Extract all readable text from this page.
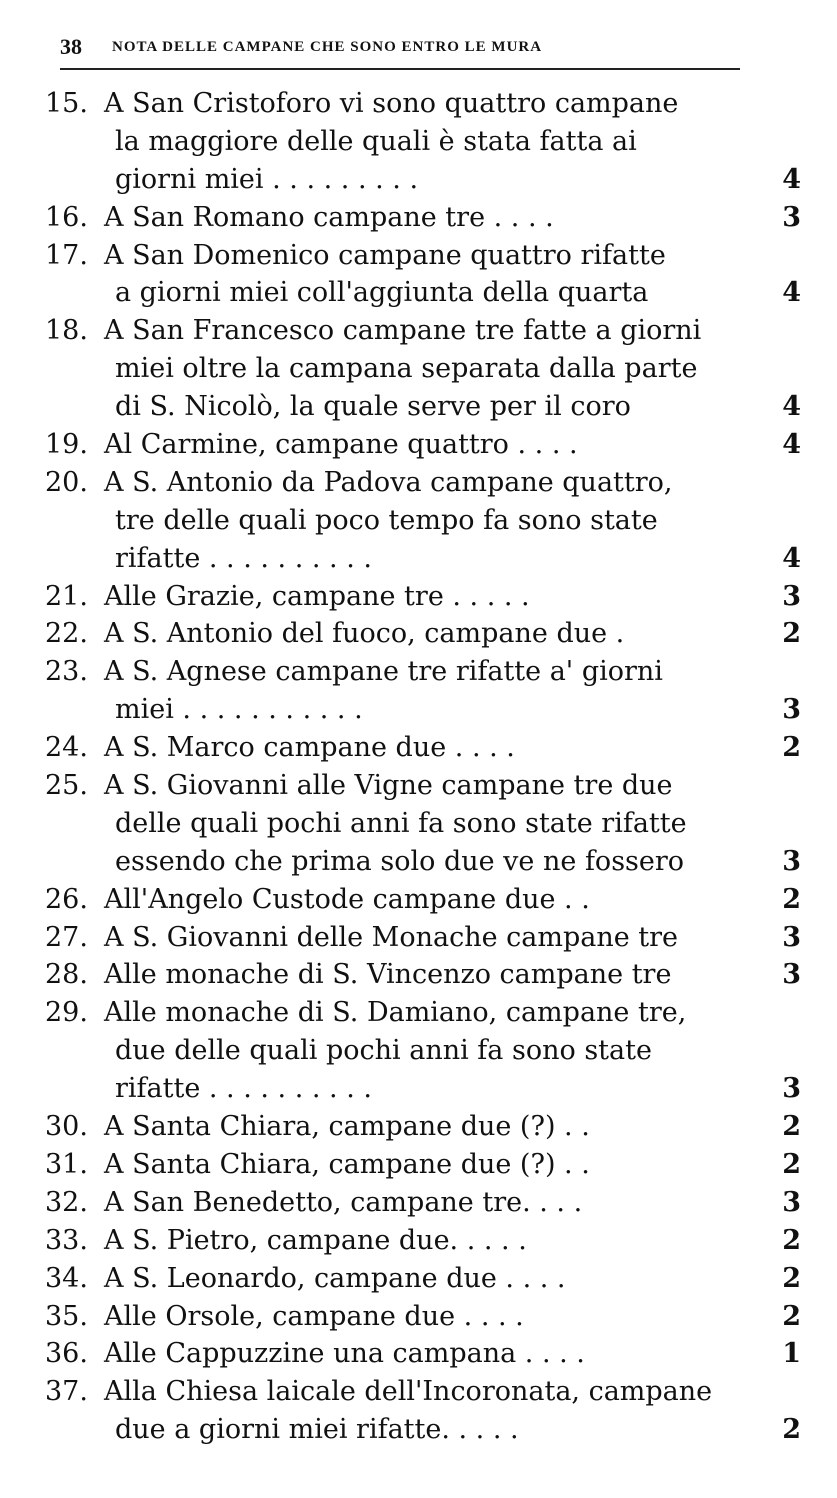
38 NOTA DELLE CAMPANE CHE SONO ENTRO LE MURA
15. A San Cristoforo vi sono quattro campane
la maggiore delle quali è stata fatta ai
giorni miei . . . . . . . . .	4
16. A San Romano campane tre . . . .	3
17. A San Domenico campane quattro rifatte
a giorni miei coll'aggiunta della quarta	4
18. A San Francesco campane tre fatte a giorni
miei oltre la campana separata dalla parte
di S. Nicolò, la quale serve per il coro	4
19. Al Carmine, campane quattro . . . .	4
20. A S. Antonio da Padova campane quattro,
tre delle quali poco tempo fa sono state
rifatte . . . . . . . . . .	4
21. Alle Grazie, campane tre . . . . .	3
22. A S. Antonio del fuoco, campane due .	2
23. A S. Agnese campane tre rifatte a' giorni
miei . . . . . . . . . . .	3
24. A S. Marco campane due . . . .	2
25. A S. Giovanni alle Vigne campane tre due
delle quali pochi anni fa sono state rifatte
essendo che prima solo due ve ne fossero	3
26. All'Angelo Custode campane due . .	2
27. A S. Giovanni delle Monache campane tre	3
28. Alle monache di S. Vincenzo campane tre	3
29. Alle monache di S. Damiano, campane tre,
due delle quali pochi anni fa sono state
rifatte . . . . . . . . . .	3
30. A Santa Chiara, campane due (?) . .	2
31. A Santa Chiara, campane due (?) . .	2
32. A San Benedetto, campane tre. . . .	3
33. A S. Pietro, campane due. . . . .	2
34. A S. Leonardo, campane due . . . .	2
35. Alle Orsole, campane due . . . .	2
36. Alle Cappuzzine una campana . . . .	1
37. Alla Chiesa laicale dell'Incoronata, campane
due a giorni miei rifatte. . . . .	2
